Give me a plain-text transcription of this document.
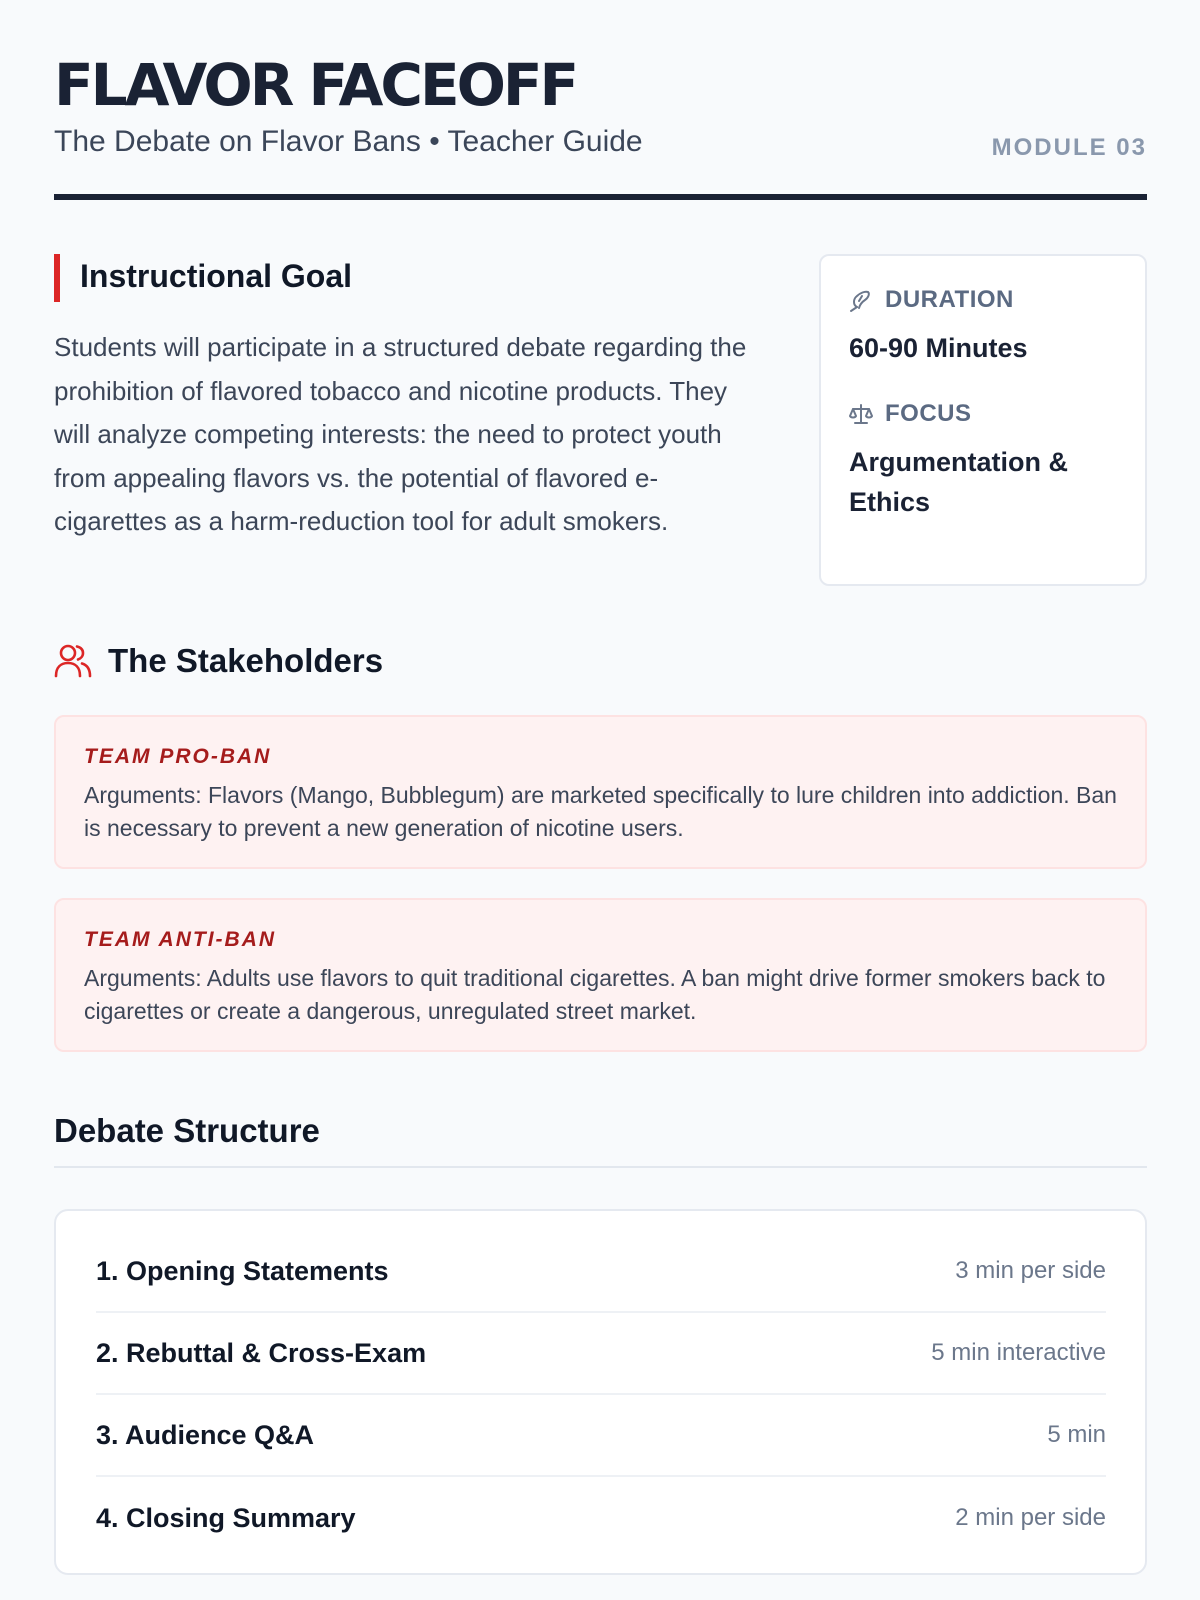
FLAVOR FACEOFF
The Debate on Flavor Bans • Teacher Guide	MODULE 03
Instructional Goal

Students will participate in a structured debate regarding the prohibition of flavored tobacco and nicotine products. They will analyze competing interests: the need to protect youth from appealing flavors vs. the potential of flavored e-cigarettes as a harm-reduction tool for adult smokers.

DURATION
60-90 Minutes
FOCUS
Argumentation & Ethics
The Stakeholders
TEAM PRO-BAN

Arguments: Flavors (Mango, Bubblegum) are marketed specifically to lure children into addiction. Ban is necessary to prevent a new generation of nicotine users.

TEAM ANTI-BAN

Arguments: Adults use flavors to quit traditional cigarettes. A ban might drive former smokers back to cigarettes or create a dangerous, unregulated street market.

Debate Structure
1. Opening Statements	3 min per side
2. Rebuttal & Cross-Exam	5 min interactive
3. Audience Q&A	5 min
4. Closing Summary	2 min per side
